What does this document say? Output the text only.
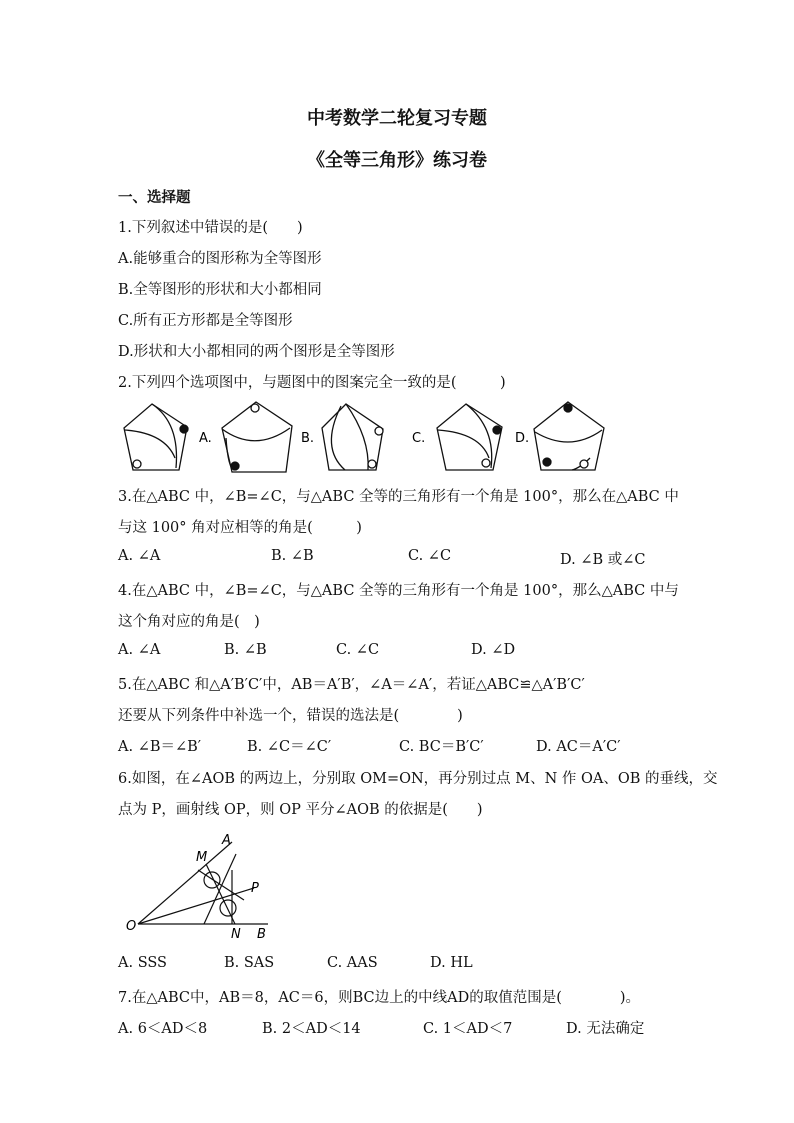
中考数学二轮复习专题
《全等三角形》练习卷
一、选择题
1.下列叙述中错误的是(　　)
A.能够重合的图形称为全等图形
B.全等图形的形状和大小都相同
C.所有正方形都是全等图形
D.形状和大小都相同的两个图形是全等图形
2.下列四个选项图中，与题图中的图案完全一致的是(　　　)
A.	B.	C.	D.
3.在△ABC 中，∠B=∠C，与△ABC 全等的三角形有一个角是 100°，那么在△ABC 中
与这 100° 角对应相等的角是(　　　)
A. ∠A	B. ∠B	C. ∠C	D. ∠B 或∠C
4.在△ABC 中，∠B=∠C，与△ABC 全等的三角形有一个角是 100°，那么△ABC 中与
这个角对应的角是(　)
A. ∠A	B. ∠B	C. ∠C	D. ∠D
5.在△ABC 和△A′B′C′中，AB＝A′B′，∠A＝∠A′，若证△ABC≌△A′B′C′
还要从下列条件中补选一个，错误的选法是(　　　　)
A. ∠B＝∠B′	B. ∠C＝∠C′	C. BC＝B′C′	D. AC＝A′C′
6.如图，在∠AOB 的两边上，分别取 OM=ON，再分别过点 M、N 作 OA、OB 的垂线，交
点为 P，画射线 OP，则 OP 平分∠AOB 的依据是(　　)
A
M
P
O
N B
A. SSS	B. SAS	C. AAS	D. HL
7.在△ABC中，AB＝8，AC＝6，则BC边上的中线AD的取值范围是(　　　　)。
A. 6＜AD＜8	B. 2＜AD＜14	C. 1＜AD＜7	D. 无法确定
